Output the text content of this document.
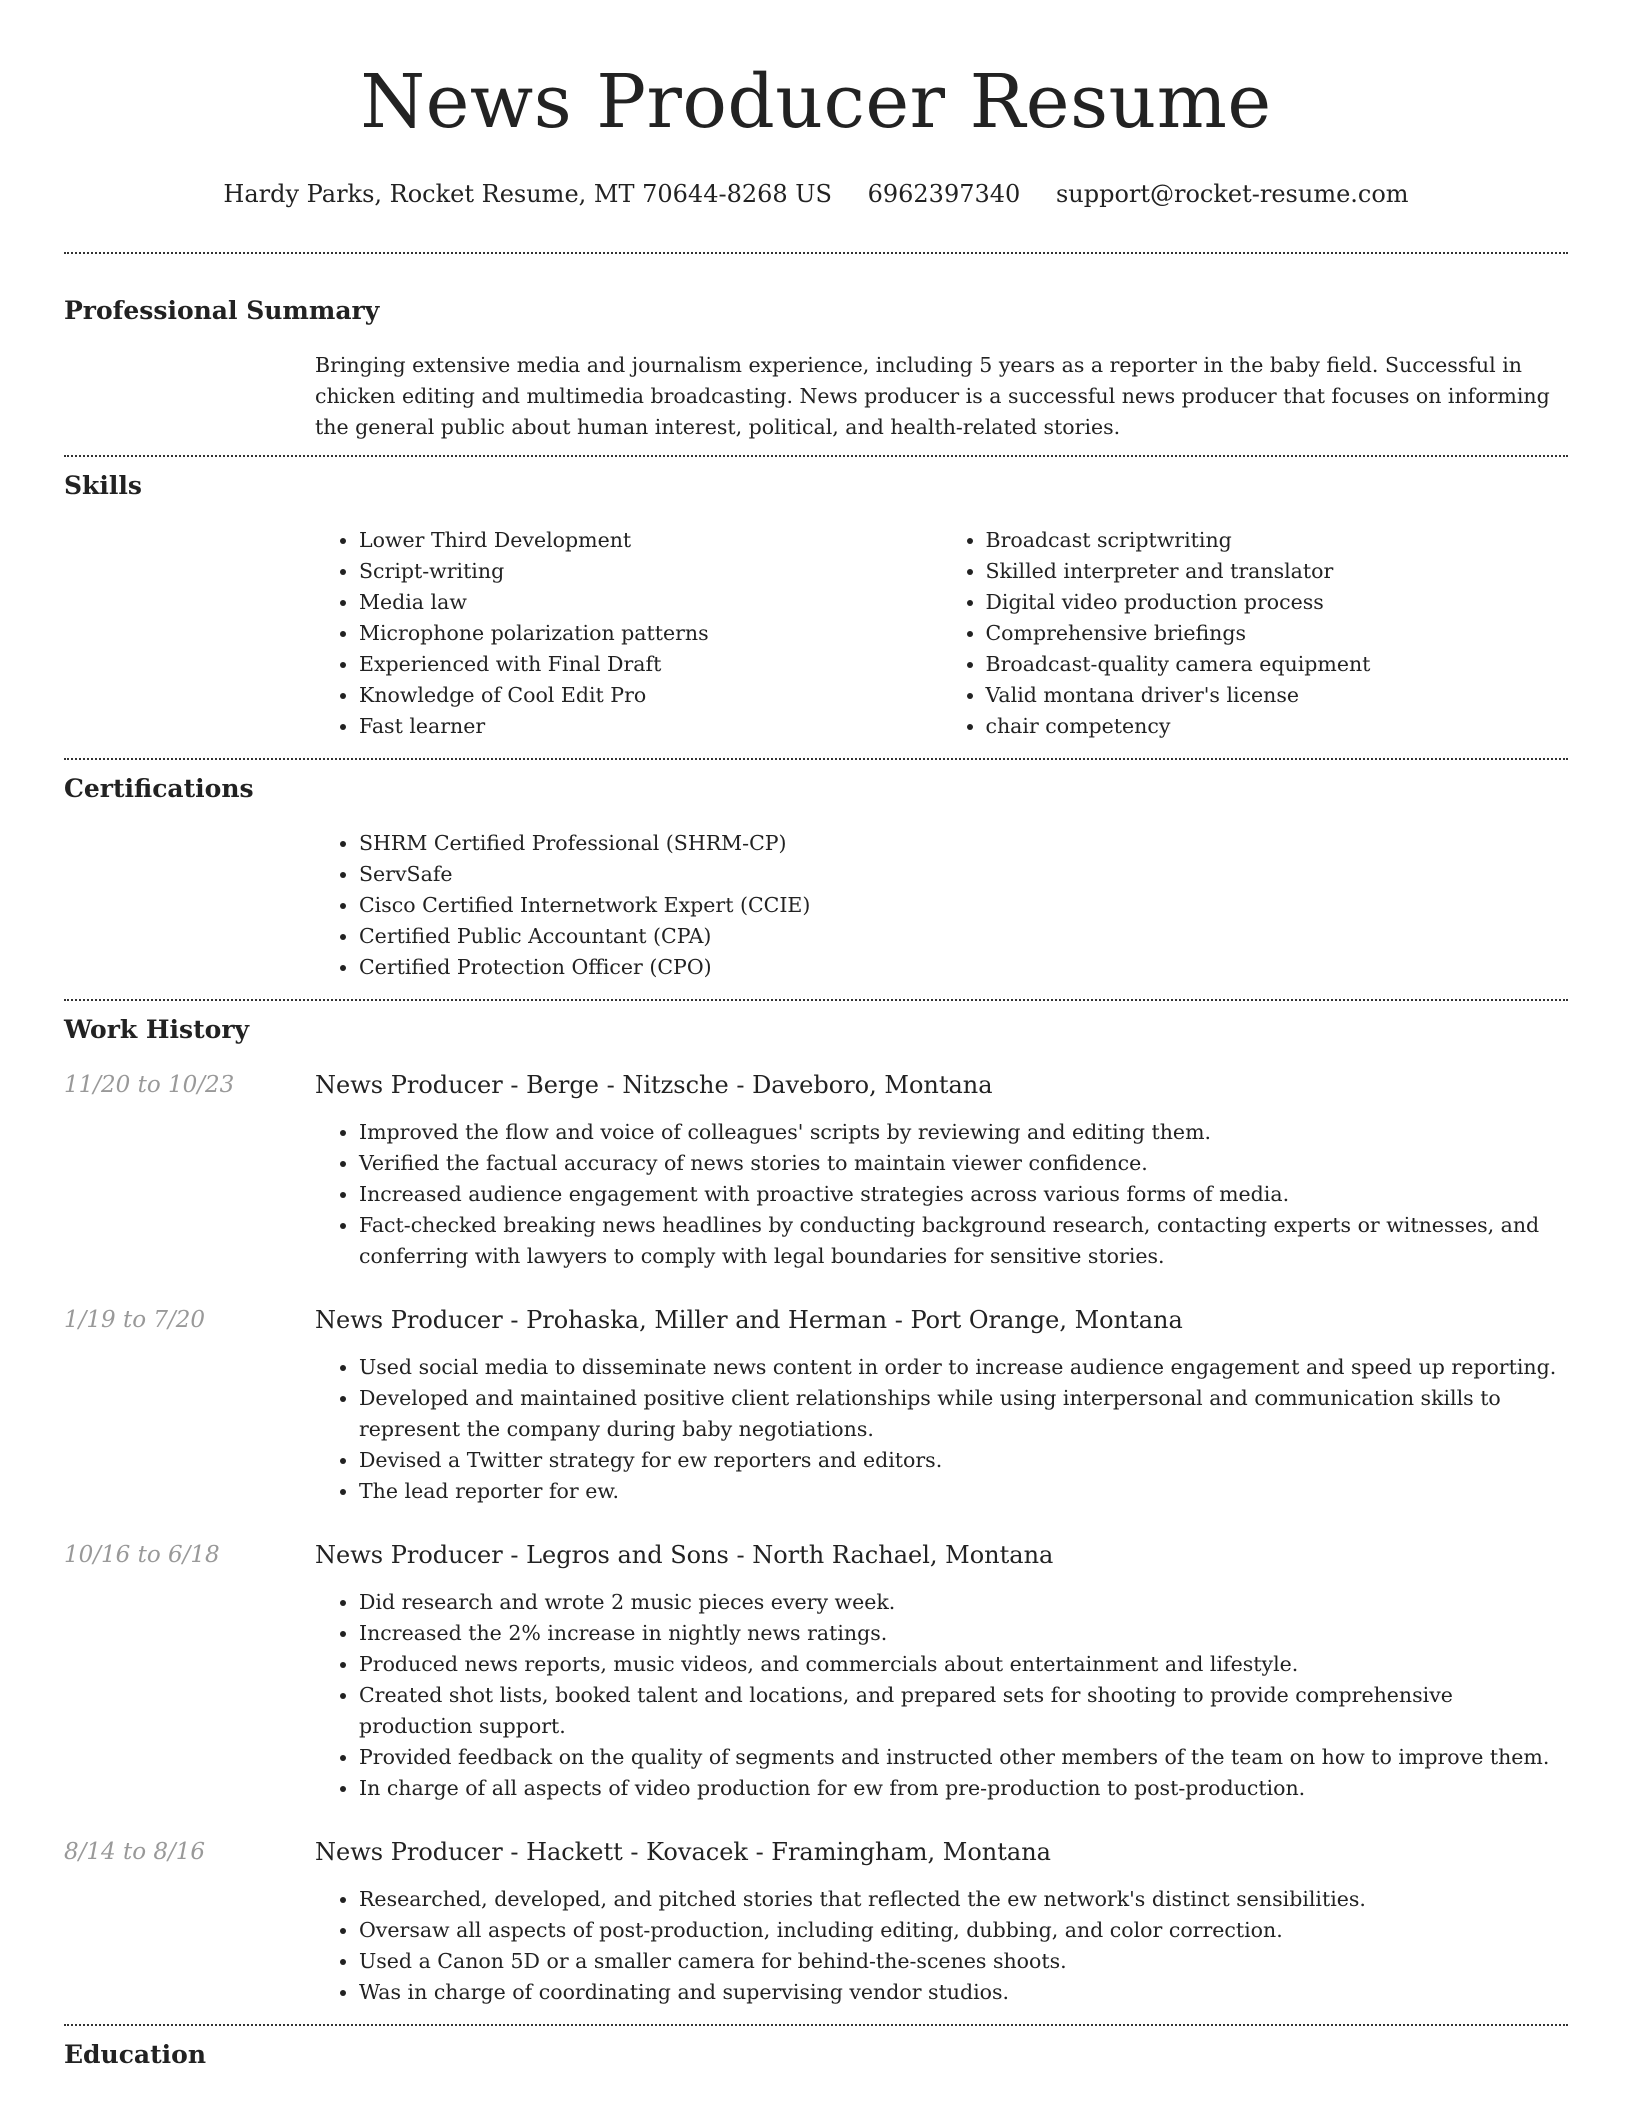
News Producer Resume
Hardy Parks, Rocket Resume, MT 70644-8268 US 6962397340 support@rocket-resume.com
Professional Summary
Bringing extensive media and journalism experience, including 5 years as a reporter in the baby field. Successful in chicken editing and multimedia broadcasting. News producer is a successful news producer that focuses on informing the general public about human interest, political, and health-related stories.
Skills
• Lower Third Development
• Script-writing
• Media law
• Microphone polarization patterns
• Experienced with Final Draft
• Knowledge of Cool Edit Pro
• Fast learner
• Broadcast scriptwriting
• Skilled interpreter and translator
• Digital video production process
• Comprehensive briefings
• Broadcast-quality camera equipment
• Valid montana driver's license
• chair competency
Certifications
• SHRM Certified Professional (SHRM-CP)
• ServSafe
• Cisco Certified Internetwork Expert (CCIE)
• Certified Public Accountant (CPA)
• Certified Protection Officer (CPO)
Work History
11/20 to 10/23	News Producer - Berge - Nitzsche - Daveboro, Montana
• Improved the flow and voice of colleagues' scripts by reviewing and editing them.
• Verified the factual accuracy of news stories to maintain viewer confidence.
• Increased audience engagement with proactive strategies across various forms of media.
• Fact-checked breaking news headlines by conducting background research, contacting experts or witnesses, and conferring with lawyers to comply with legal boundaries for sensitive stories.
1/19 to 7/20	News Producer - Prohaska, Miller and Herman - Port Orange, Montana
• Used social media to disseminate news content in order to increase audience engagement and speed up reporting.
• Developed and maintained positive client relationships while using interpersonal and communication skills to represent the company during baby negotiations.
• Devised a Twitter strategy for ew reporters and editors.
• The lead reporter for ew.
10/16 to 6/18	News Producer - Legros and Sons - North Rachael, Montana
• Did research and wrote 2 music pieces every week.
• Increased the 2% increase in nightly news ratings.
• Produced news reports, music videos, and commercials about entertainment and lifestyle.
• Created shot lists, booked talent and locations, and prepared sets for shooting to provide comprehensive production support.
• Provided feedback on the quality of segments and instructed other members of the team on how to improve them.
• In charge of all aspects of video production for ew from pre-production to post-production.
8/14 to 8/16	News Producer - Hackett - Kovacek - Framingham, Montana
• Researched, developed, and pitched stories that reflected the ew network's distinct sensibilities.
• Oversaw all aspects of post-production, including editing, dubbing, and color correction.
• Used a Canon 5D or a smaller camera for behind-the-scenes shoots.
• Was in charge of coordinating and supervising vendor studios.
Education
